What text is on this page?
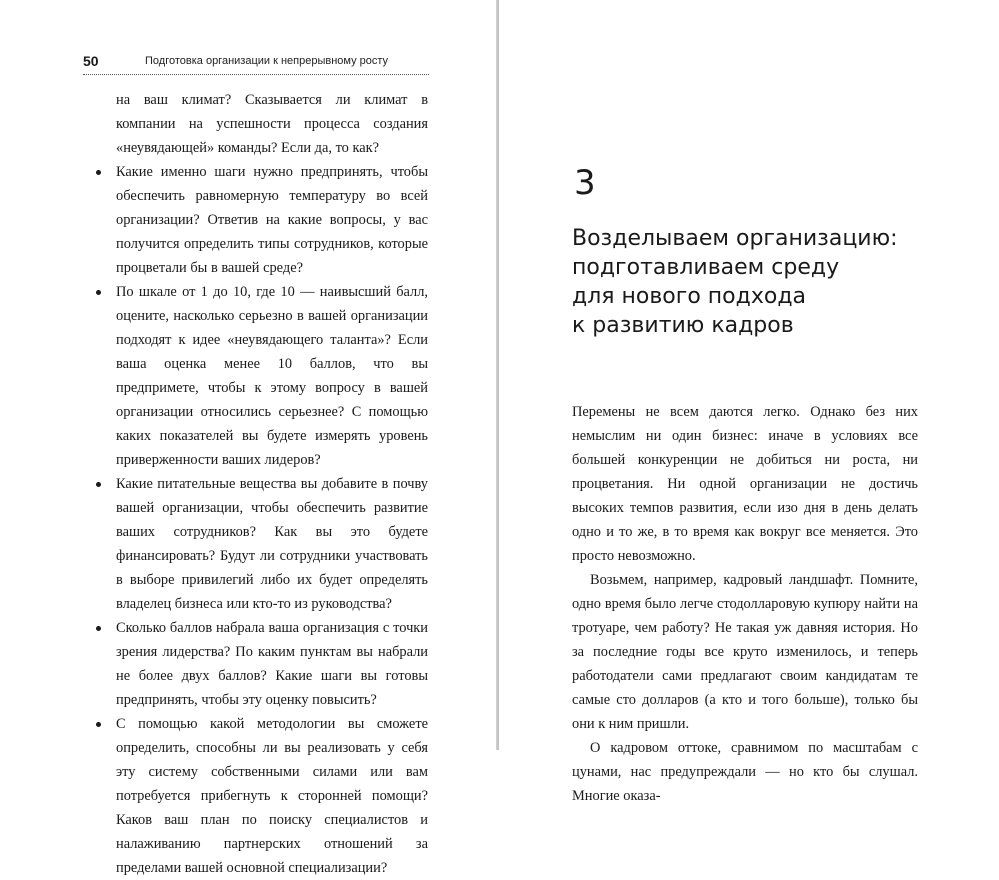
50	Подготовка организации к непрерывному росту

на ваш климат? Сказывается ли климат в компании на успешности процесса создания «неувядающей» команды? Если да, то как?

Какие именно шаги нужно предпринять, чтобы обеспечить равномерную температуру во всей организации? Ответив на какие вопросы, у вас получится определить типы сотрудников, которые процветали бы в вашей среде?
По шкале от 1 до 10, где 10 — наивысший балл, оцените, насколько серьезно в вашей организации подходят к идее «неувядающего таланта»? Если ваша оценка менее 10 баллов, что вы предпримете, чтобы к этому вопросу в вашей организации относились серьезнее? С помощью каких показателей вы будете измерять уровень приверженности ваших лидеров?
Какие питательные вещества вы добавите в почву вашей организации, чтобы обеспечить развитие ваших сотрудников? Как вы это будете финансировать? Будут ли сотрудники участвовать в выборе привилегий либо их будет определять владелец бизнеса или кто-то из руководства?
Сколько баллов набрала ваша организация с точки зрения лидерства? По каким пунктам вы набрали не более двух баллов? Какие шаги вы готовы предпринять, чтобы эту оценку повысить?
С помощью какой методологии вы сможете определить, способны ли вы реализовать у себя эту систему собственными силами или вам потребуется прибегнуть к сторонней помощи? Каков ваш план по поиску специалистов и налаживанию партнерских отношений за пределами вашей основной специализации?
3
Возделываем организацию:
подготавливаем среду
для нового подхода
к развитию кадров

Перемены не всем даются легко. Однако без них немыслим ни один бизнес: иначе в условиях все большей конкуренции не добиться ни роста, ни процветания. Ни одной организации не достичь высоких темпов развития, если изо дня в день делать одно и то же, в то время как вокруг все меняется. Это просто невозможно.

Возьмем, например, кадровый ландшафт. Помните, одно время было легче стодолларовую купюру найти на тротуаре, чем работу? Не такая уж давняя история. Но за последние годы все круто изменилось, и теперь работодатели сами предлагают своим кандидатам те самые сто долларов (а кто и того больше), только бы они к ним пришли.

О кадровом оттоке, сравнимом по масштабам с цунами, нас предупреждали — но кто бы слушал. Многие оказа-
